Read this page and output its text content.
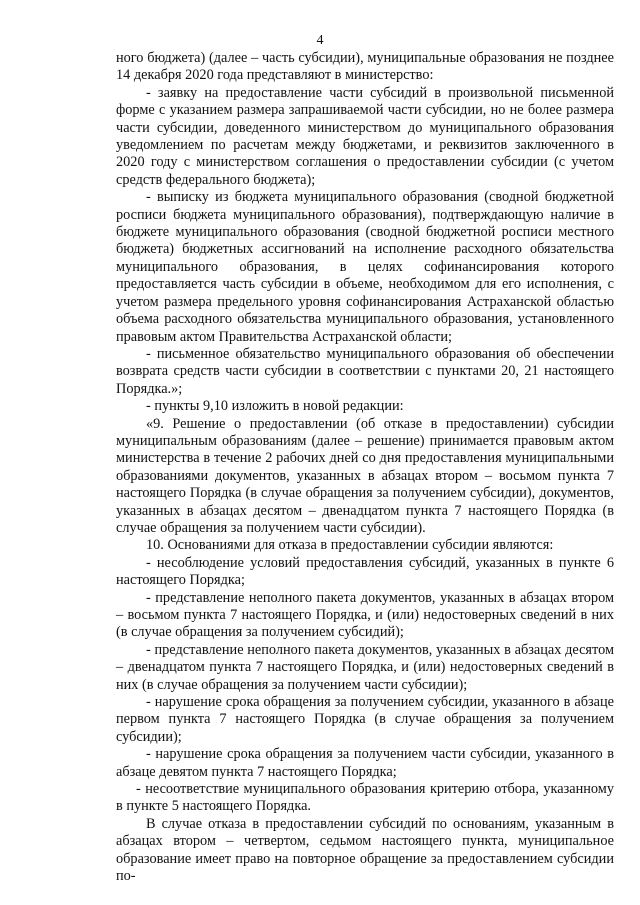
4

ного бюджета) (далее – часть субсидии), муниципальные образования не позднее 14 декабря 2020 года представляют в министерство:

- заявку на предоставление части субсидий в произвольной письменной форме с указанием размера запрашиваемой части субсидии, но не более размера части субсидии, доведенного министерством до муниципального образования уведомлением по расчетам между бюджетами, и реквизитов заключенного в 2020 году с министерством соглашения о предоставлении субсидии (с учетом средств федерального бюджета);

- выписку из бюджета муниципального образования (сводной бюджетной росписи бюджета муниципального образования), подтверждающую наличие в бюджете муниципального образования (сводной бюджетной росписи местного бюджета) бюджетных ассигнований на исполнение расходного обязательства муниципального образования, в целях софинансирования которого предоставляется часть субсидии в объеме, необходимом для его исполнения, с учетом размера предельного уровня софинансирования Астраханской областью объема расходного обязательства муниципального образования, установленного правовым актом Правительства Астраханской области;

- письменное обязательство муниципального образования об обеспечении возврата средств части субсидии в соответствии с пунктами 20, 21 настоящего Порядка.»;

- пункты 9,10 изложить в новой редакции:

«9. Решение о предоставлении (об отказе в предоставлении) субсидии муниципальным образованиям (далее – решение) принимается правовым актом министерства в течение 2 рабочих дней со дня предоставления муниципальными образованиями документов, указанных в абзацах втором – восьмом пункта 7 настоящего Порядка (в случае обращения за получением субсидии), документов, указанных в абзацах десятом – двенадцатом пункта 7 настоящего Порядка (в случае обращения за получением части субсидии).

10. Основаниями для отказа в предоставлении субсидии являются:

- несоблюдение условий предоставления субсидий, указанных в пункте 6 настоящего Порядка;

- представление неполного пакета документов, указанных в абзацах втором – восьмом пункта 7 настоящего Порядка, и (или) недостоверных сведений в них (в случае обращения за получением субсидий);

- представление неполного пакета документов, указанных в абзацах десятом – двенадцатом пункта 7 настоящего Порядка, и (или) недостоверных сведений в них (в случае обращения за получением части субсидии);

- нарушение срока обращения за получением субсидии, указанного в абзаце первом пункта 7 настоящего Порядка (в случае обращения за получением субсидии);

- нарушение срока обращения за получением части субсидии, указанного в абзаце девятом пункта 7 настоящего Порядка;

- несоответствие муниципального образования критерию отбора, указанному в пункте 5 настоящего Порядка.

В случае отказа в предоставлении субсидий по основаниям, указанным в абзацах втором – четвертом, седьмом настоящего пункта, муниципальное образование имеет право на повторное обращение за предоставлением субсидии по-
